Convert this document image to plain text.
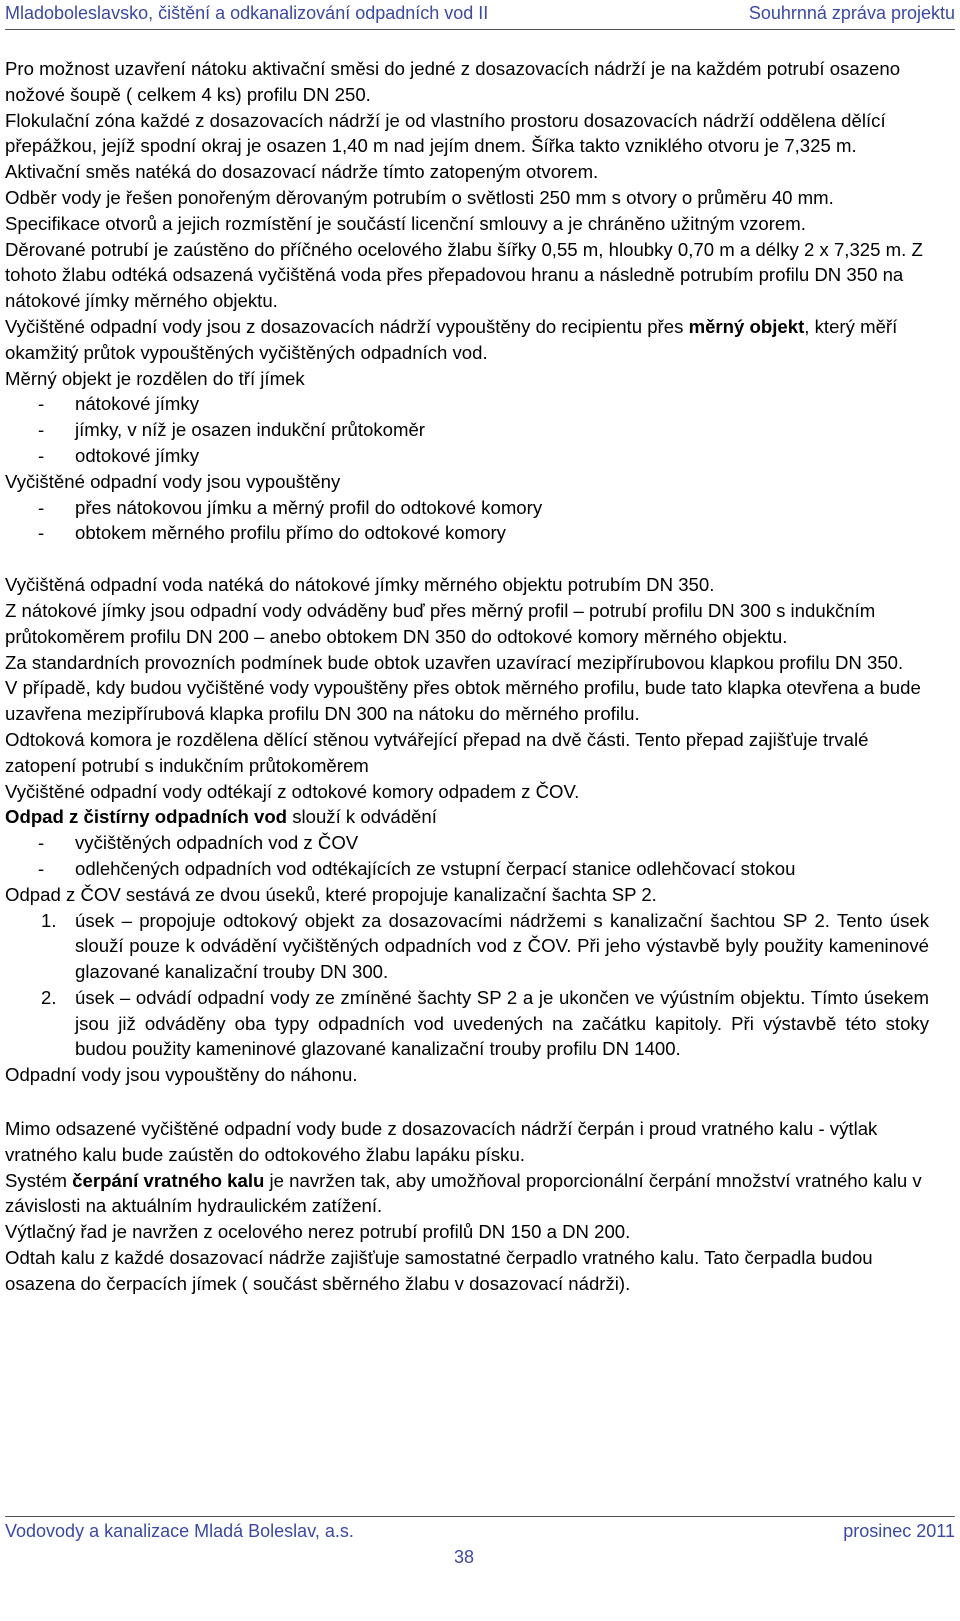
Mladoboleslavsko, čištění a odkanalizování odpadních vod II	Souhrnná zpráva projektu

Pro možnost uzavření nátoku aktivační směsi do jedné z dosazovacích nádrží je na každém potrubí osazeno nožové šoupě ( celkem 4 ks) profilu DN 250.

Flokulační zóna každé z dosazovacích nádrží je od vlastního prostoru dosazovacích nádrží oddělena dělící přepážkou, jejíž spodní okraj je osazen 1,40 m nad jejím dnem. Šířka takto vzniklého otvoru je 7,325 m. Aktivační směs natéká do dosazovací nádrže tímto zatopeným otvorem.

Odběr vody je řešen ponořeným děrovaným potrubím o světlosti 250 mm s otvory o průměru 40 mm. Specifikace otvorů a jejich rozmístění je součástí licenční smlouvy a je chráněno užitným vzorem.

Děrované potrubí je zaústěno do příčného ocelového žlabu šířky 0,55 m, hloubky 0,70 m a délky 2 x 7,325 m. Z tohoto žlabu odtéká odsazená vyčištěná voda přes přepadovou hranu a následně potrubím profilu DN 350 na nátokové jímky měrného objektu.

Vyčištěné odpadní vody jsou z dosazovacích nádrží vypouštěny do recipientu přes měrný objekt, který měří okamžitý průtok vypouštěných vyčištěných odpadních vod.

Měrný objekt je rozdělen do tří jímek

- nátokové jímky

- jímky, v níž je osazen indukční průtokoměr

- odtokové jímky

Vyčištěné odpadní vody jsou vypouštěny

- přes nátokovou jímku a měrný profil do odtokové komory

- obtokem měrného profilu přímo do odtokové komory

Vyčištěná odpadní voda natéká do nátokové jímky měrného objektu potrubím DN 350.

Z nátokové jímky jsou odpadní vody odváděny buď přes měrný profil – potrubí profilu DN 300 s indukčním průtokoměrem profilu DN 200 – anebo obtokem DN 350 do odtokové komory měrného objektu.

Za standardních provozních podmínek bude obtok uzavřen uzavírací mezipřírubovou klapkou profilu DN 350.

V případě, kdy budou vyčištěné vody vypouštěny přes obtok měrného profilu, bude tato klapka otevřena a bude uzavřena mezipřírubová klapka profilu DN 300 na nátoku do měrného profilu.

Odtoková komora je rozdělena dělící stěnou vytvářející přepad na dvě části. Tento přepad zajišťuje trvalé zatopení potrubí s indukčním průtokoměrem

Vyčištěné odpadní vody odtékají z odtokové komory odpadem z ČOV.

Odpad z čistírny odpadních vod slouží k odvádění

- vyčištěných odpadních vod z ČOV

- odlehčených odpadních vod odtékajících ze vstupní čerpací stanice odlehčovací stokou

Odpad z ČOV sestává ze dvou úseků, které propojuje kanalizační šachta SP 2.

1. úsek – propojuje odtokový objekt za dosazovacími nádržemi s kanalizační šachtou SP 2. Tento úsek slouží pouze k odvádění vyčištěných odpadních vod z ČOV. Při jeho výstavbě byly použity kameninové glazované kanalizační trouby DN 300.

2. úsek – odvádí odpadní vody ze zmíněné šachty SP 2 a je ukončen ve výústním objektu. Tímto úsekem jsou již odváděny oba typy odpadních vod uvedených na začátku kapitoly. Při výstavbě této stoky budou použity kameninové glazované kanalizační trouby profilu DN 1400.

Odpadní vody jsou vypouštěny do náhonu.

Mimo odsazené vyčištěné odpadní vody bude z dosazovacích nádrží čerpán i proud vratného kalu - výtlak vratného kalu bude zaústěn do odtokového žlabu lapáku písku.

Systém čerpání vratného kalu je navržen tak, aby umožňoval proporcionální čerpání množství vratného kalu v závislosti na aktuálním hydraulickém zatížení.

Výtlačný řad je navržen z ocelového nerez potrubí profilů DN 150 a DN 200.

Odtah kalu z každé dosazovací nádrže zajišťuje samostatné čerpadlo vratného kalu. Tato čerpadla budou osazena do čerpacích jímek ( součást sběrného žlabu v dosazovací nádrži).

Vodovody a kanalizace Mladá Boleslav, a.s.	prosinec 2011
38
